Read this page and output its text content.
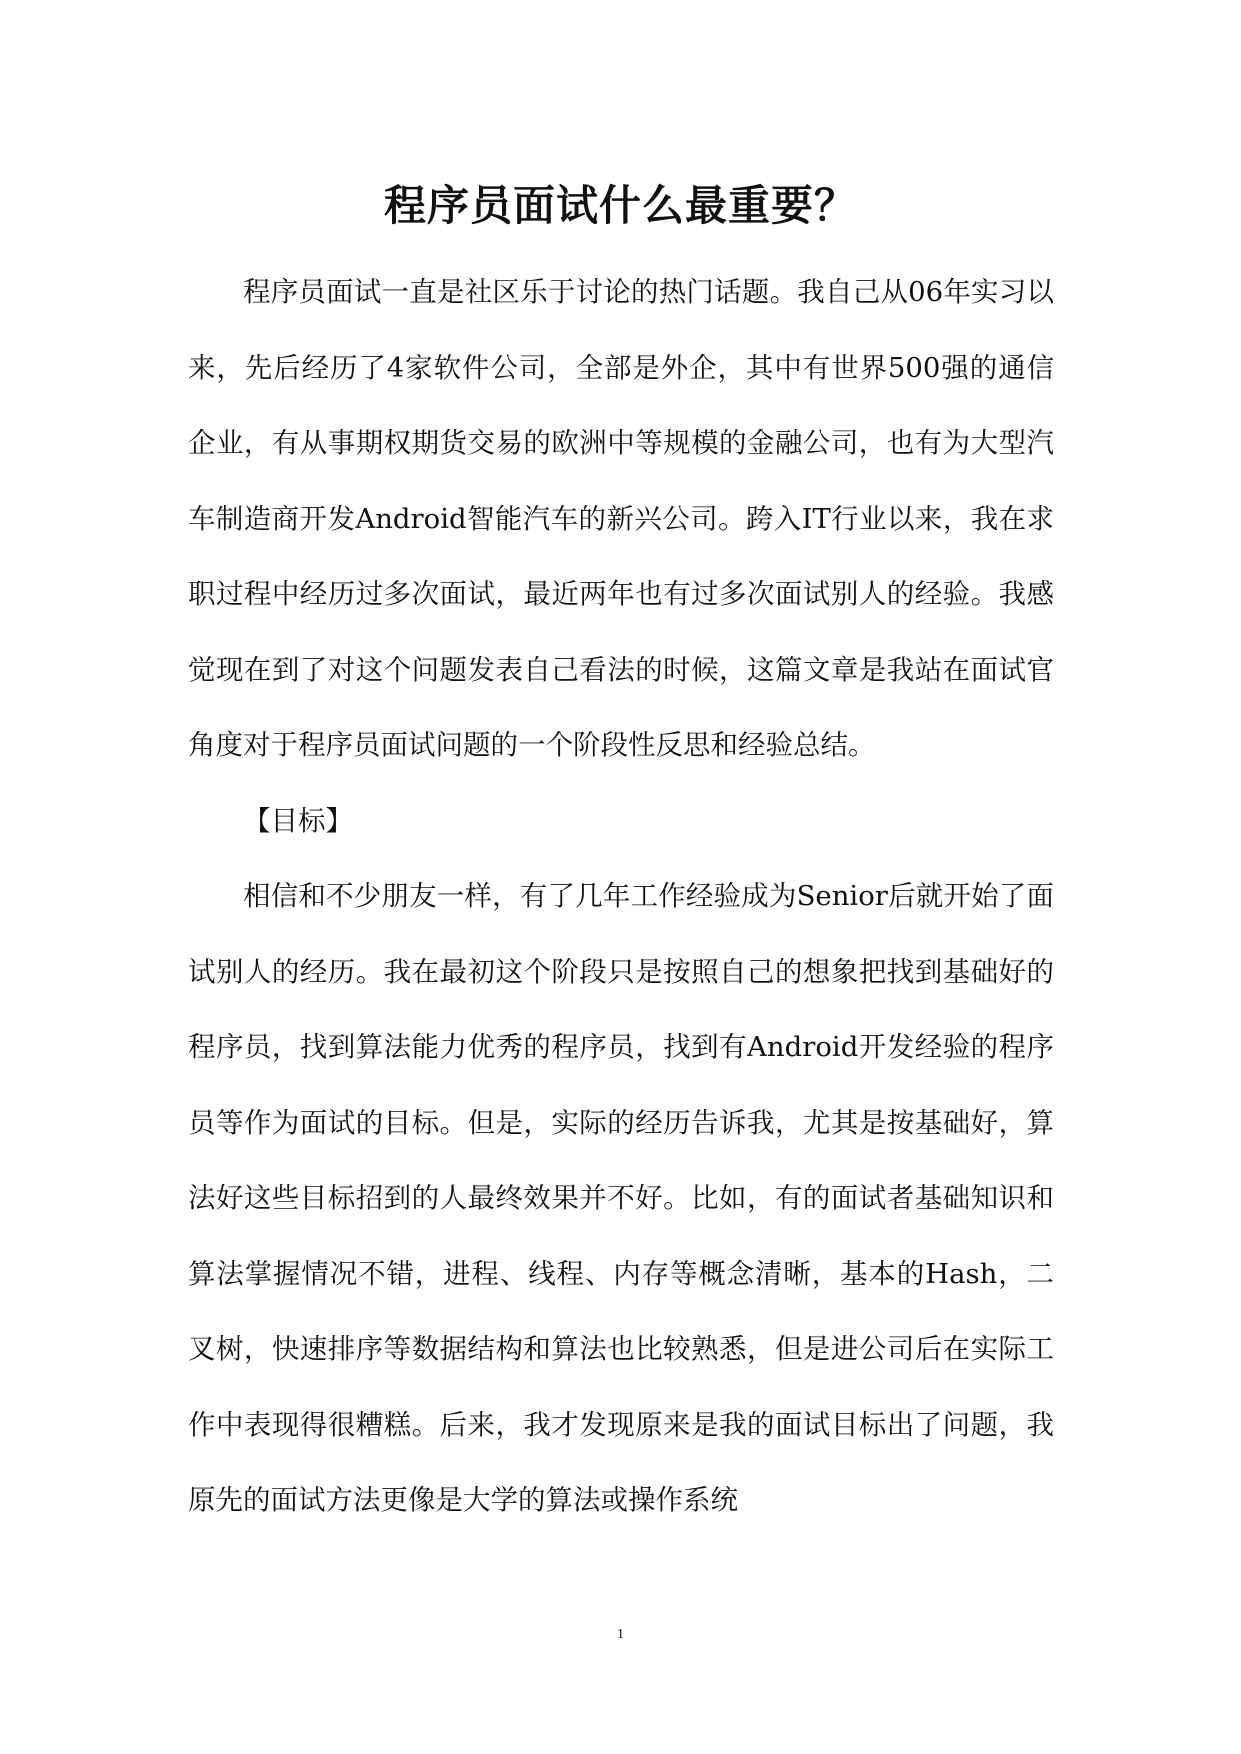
程序员面试什么最重要？

程序员面试一直是社区乐于讨论的热门话题。我自己从06年实习以来，先后经历了4家软件公司，全部是外企，其中有世界500强的通信企业，有从事期权期货交易的欧洲中等规模的金融公司，也有为大型汽车制造商开发Android智能汽车的新兴公司。跨入IT行业以来，我在求职过程中经历过多次面试，最近两年也有过多次面试别人的经验。我感觉现在到了对这个问题发表自己看法的时候，这篇文章是我站在面试官角度对于程序员面试问题的一个阶段性反思和经验总结。

【目标】

相信和不少朋友一样，有了几年工作经验成为Senior后就开始了面试别人的经历。我在最初这个阶段只是按照自己的想象把找到基础好的程序员，找到算法能力优秀的程序员，找到有Android开发经验的程序员等作为面试的目标。但是，实际的经历告诉我，尤其是按基础好，算法好这些目标招到的人最终效果并不好。比如，有的面试者基础知识和算法掌握情况不错，进程、线程、内存等概念清晰，基本的Hash，二叉树，快速排序等数据结构和算法也比较熟悉，但是进公司后在实际工作中表现得很糟糕。后来，我才发现原来是我的面试目标出了问题，我原先的面试方法更像是大学的算法或操作系统

1
